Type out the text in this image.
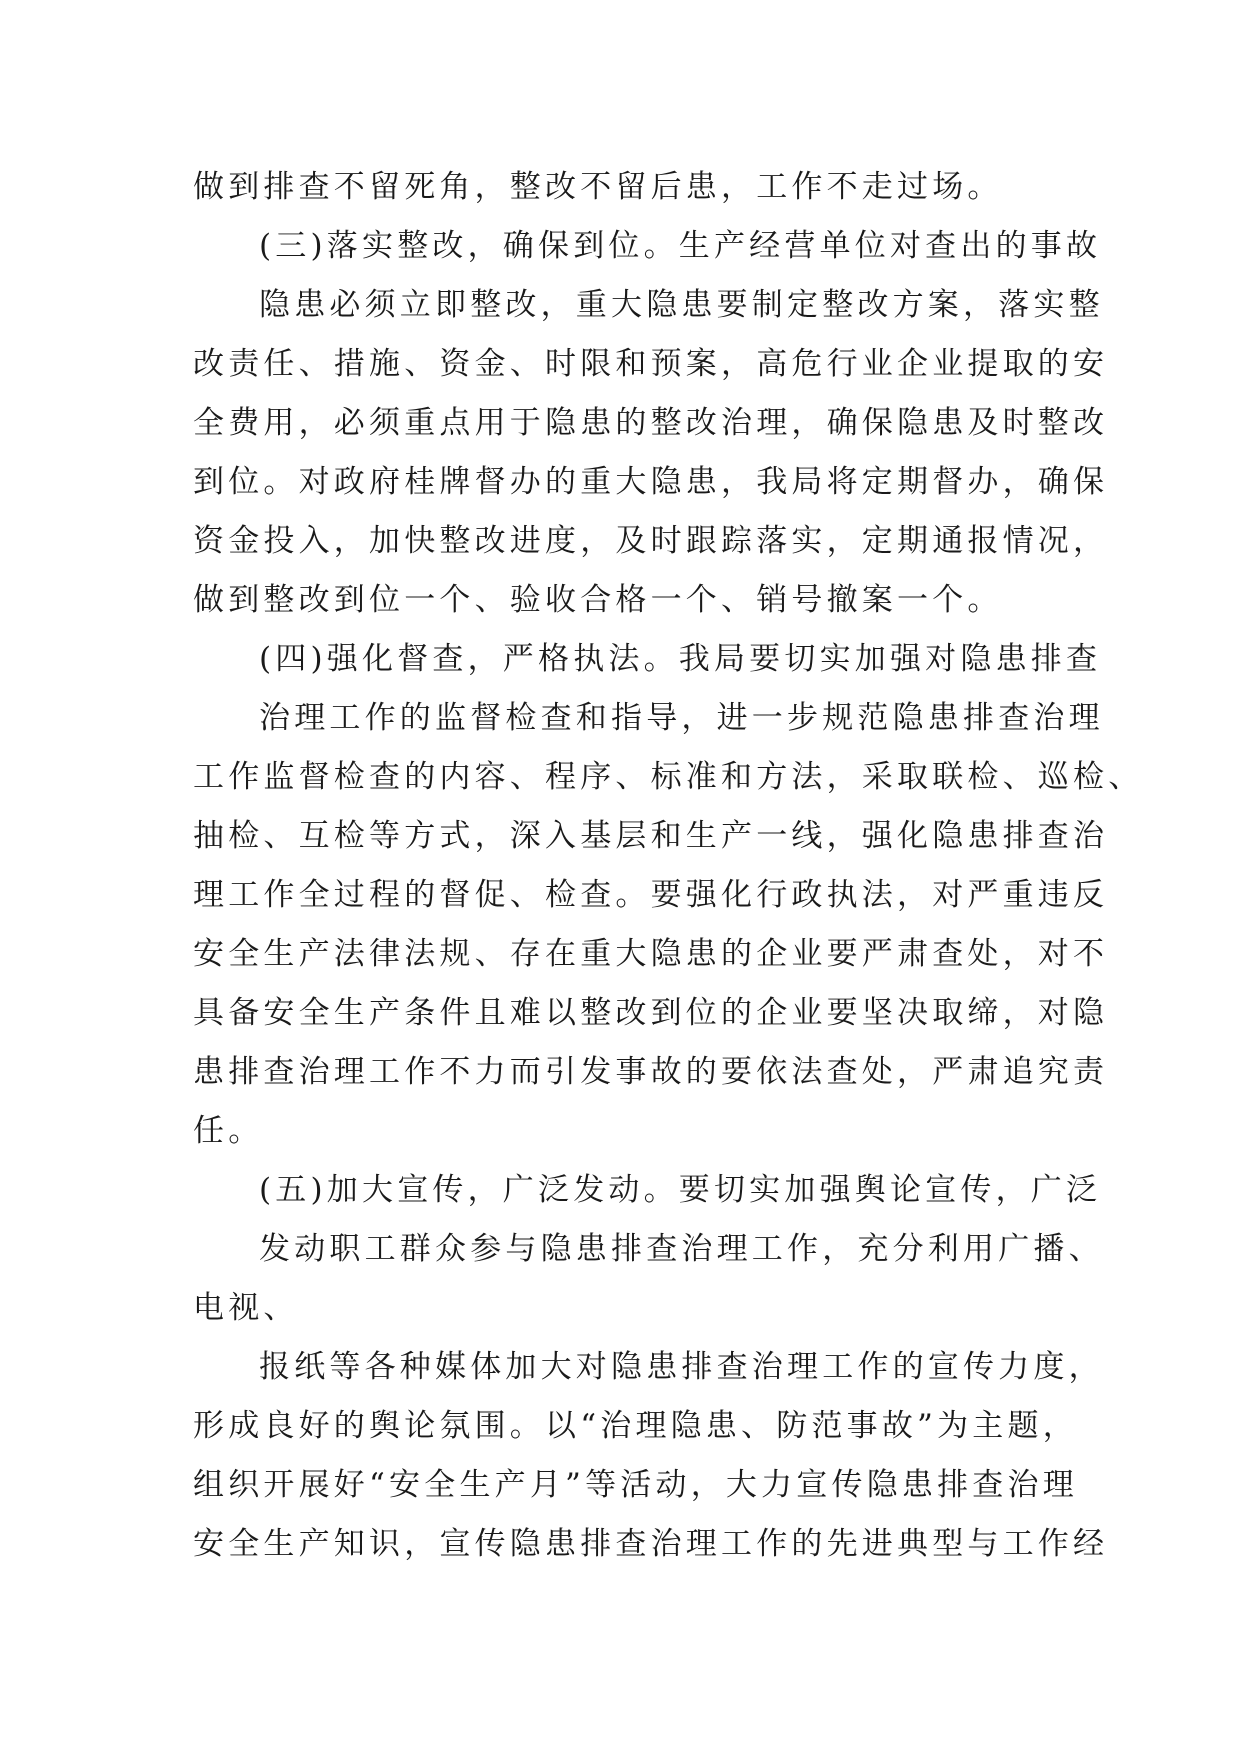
做到排查不留死角，整改不留后患，工作不走过场。
(三)落实整改，确保到位。生产经营单位对查出的事故
隐患必须立即整改，重大隐患要制定整改方案，落实整
改责任、措施、资金、时限和预案，高危行业企业提取的安
全费用，必须重点用于隐患的整改治理，确保隐患及时整改
到位。对政府桂牌督办的重大隐患，我局将定期督办，确保
资金投入，加快整改进度，及时跟踪落实，定期通报情况，
做到整改到位一个、验收合格一个、销号撤案一个。
(四)强化督查，严格执法。我局要切实加强对隐患排查
治理工作的监督检查和指导，进一步规范隐患排查治理
工作监督检查的内容、程序、标准和方法，采取联检、巡检、
抽检、互检等方式，深入基层和生产一线，强化隐患排查治
理工作全过程的督促、检查。要强化行政执法，对严重违反
安全生产法律法规、存在重大隐患的企业要严肃查处，对不
具备安全生产条件且难以整改到位的企业要坚决取缔，对隐
患排查治理工作不力而引发事故的要依法查处，严肃追究责
任。
(五)加大宣传，广泛发动。要切实加强舆论宣传，广泛
发动职工群众参与隐患排查治理工作，充分利用广播、
电视、
报纸等各种媒体加大对隐患排查治理工作的宣传力度，
形成良好的舆论氛围。以“治理隐患、防范事故”为主题，
组织开展好“安全生产月”等活动，大力宣传隐患排查治理
安全生产知识，宣传隐患排查治理工作的先进典型与工作经
